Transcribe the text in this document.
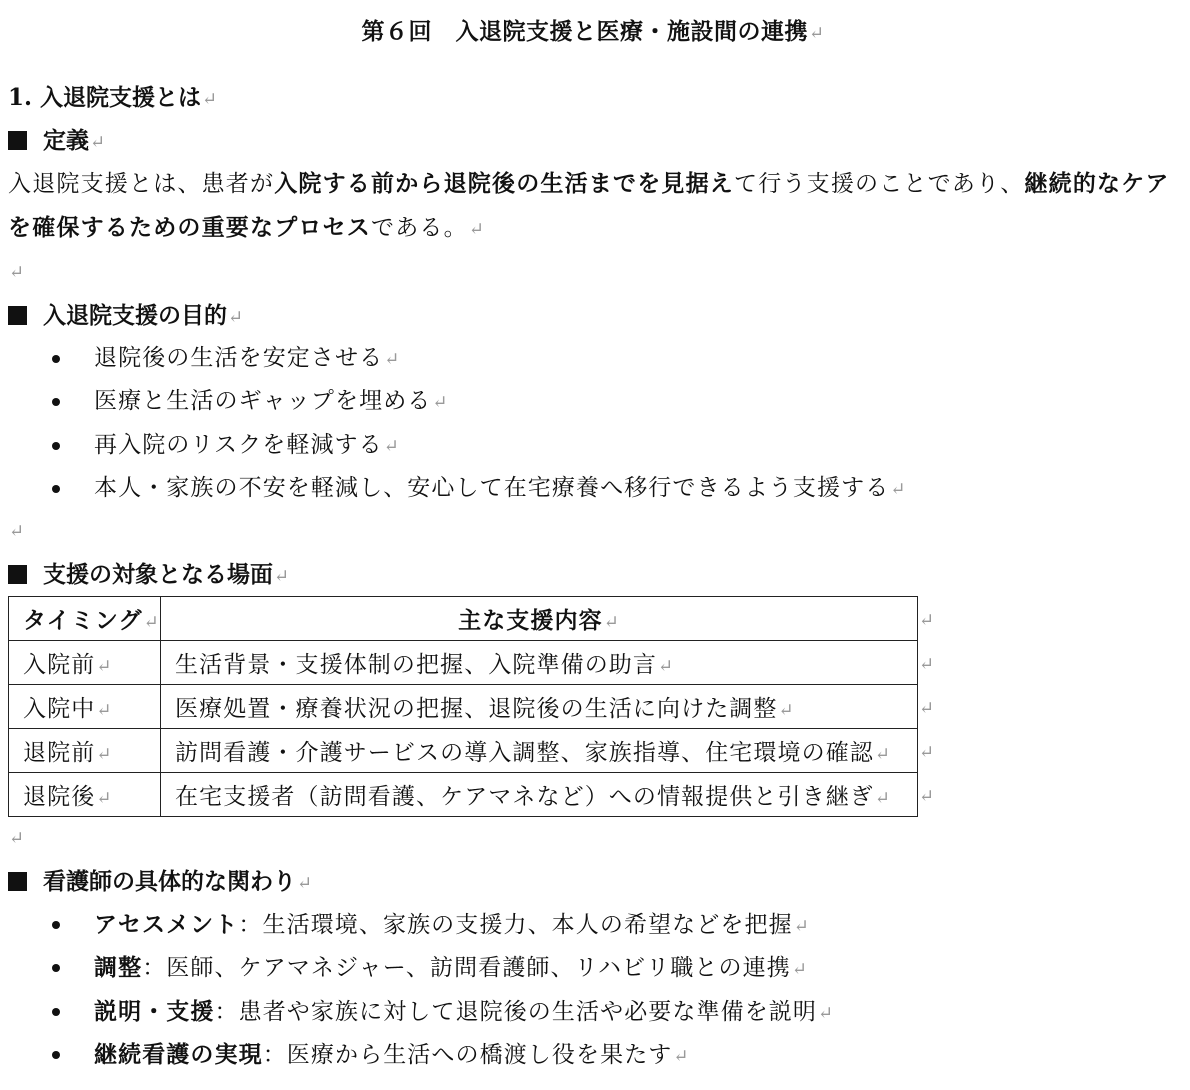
第６回　入退院支援と医療・施設間の連携↵
1. 入退院支援とは↵
定義↵
入退院支援とは、患者が入院する前から退院後の生活までを見据えて行う支援のことであり、継続的なケアを確保するための重要なプロセスである。↵
↵
入退院支援の目的↵
退院後の生活を安定させる↵
医療と生活のギャップを埋める↵
再入院のリスクを軽減する↵
本人・家族の不安を軽減し、安心して在宅療養へ移行できるよう支援する↵
↵
支援の対象となる場面↵
タイミング↵	主な支援内容↵	↵
入院前↵	生活背景・支援体制の把握、入院準備の助言↵	↵
入院中↵	医療処置・療養状況の把握、退院後の生活に向けた調整↵	↵
退院前↵	訪問看護・介護サービスの導入調整、家族指導、住宅環境の確認↵	↵
退院後↵	在宅支援者（訪問看護、ケアマネなど）への情報提供と引き継ぎ↵	↵
↵
看護師の具体的な関わり↵
アセスメント：生活環境、家族の支援力、本人の希望などを把握↵
調整：医師、ケアマネジャー、訪問看護師、リハビリ職との連携↵
説明・支援：患者や家族に対して退院後の生活や必要な準備を説明↵
継続看護の実現：医療から生活への橋渡し役を果たす↵
